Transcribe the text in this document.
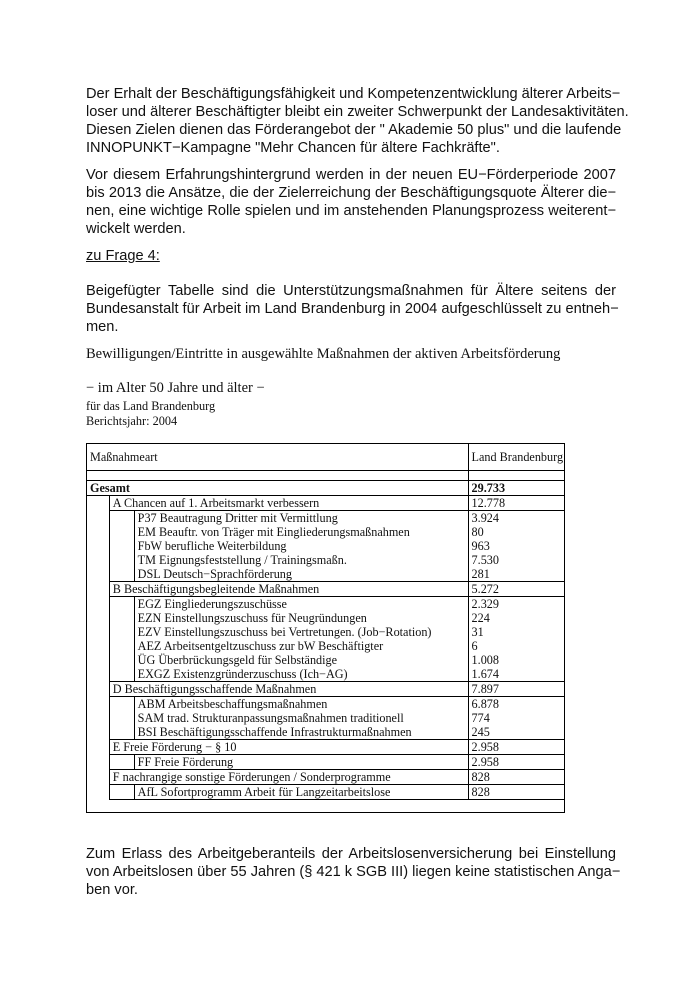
Der Erhalt der Beschäftigungsfähigkeit und Kompetenzentwicklung älterer Arbeits−
loser und älterer Beschäftigter bleibt ein zweiter Schwerpunkt der Landesaktivitäten.
Diesen Zielen dienen das Förderangebot der " Akademie 50 plus" und die laufende
INNOPUNKT−Kampagne "Mehr Chancen für ältere Fachkräfte".
Vor diesem Erfahrungshintergrund werden in der neuen EU−Förderperiode 2007
bis 2013 die Ansätze, die der Zielerreichung der Beschäftigungsquote Älterer die−
nen, eine wichtige Rolle spielen und im anstehenden Planungsprozess weiterent−
wickelt werden.
zu Frage 4:
Beigefügter Tabelle sind die Unterstützungsmaßnahmen für Ältere seitens der
Bundesanstalt für Arbeit im Land Brandenburg in 2004 aufgeschlüsselt zu entneh−
men.

Bewilligungen/Eintritte in ausgewählte Maßnahmen der aktiven Arbeitsförderung

− im Alter 50 Jahre und älter −

für das Land Brandenburg

Berichtsjahr: 2004

Maßnahmeart			Land Brandenburg

Gesamt			29.733
	A Chancen auf 1. Arbeitsmarkt verbessern		12.778
		P37 Beautragung Dritter mit Vermittlung	3.924
		EM Beauftr. von Träger mit Eingliederungsmaßnahmen	80
		FbW berufliche Weiterbildung	963
		TM Eignungsfeststellung / Trainingsmaßn.	7.530
		DSL Deutsch−Sprachförderung	281
	B Beschäftigungsbegleitende Maßnahmen		5.272
		EGZ Eingliederungszuschüsse	2.329
		EZN Einstellungszuschuss für Neugründungen	224
		EZV Einstellungszuschuss bei Vertretungen. (Job−Rotation)	31
		AEZ Arbeitsentgeltzuschuss zur bW Beschäftigter	6
		ÜG Überbrückungsgeld für Selbständige	1.008
		EXGZ Existenzgründerzuschuss (Ich−AG)	1.674
	D Beschäftigungsschaffende Maßnahmen		7.897
		ABM Arbeitsbeschaffungsmaßnahmen	6.878
		SAM trad. Strukturanpassungsmaßnahmen traditionell	774
		BSI Beschäftigungsschaffende Infrastrukturmaßnahmen	245
	E Freie Förderung − § 10		2.958
		FF Freie Förderung	2.958
	F nachrangige sonstige Förderungen / Sonderprogramme		828
		AfL Sofortprogramm Arbeit für Langzeitarbeitslose	828

Zum Erlass des Arbeitgeberanteils der Arbeitslosenversicherung bei Einstellung
von Arbeitslosen über 55 Jahren (§ 421 k SGB III) liegen keine statistischen Anga−
ben vor.
